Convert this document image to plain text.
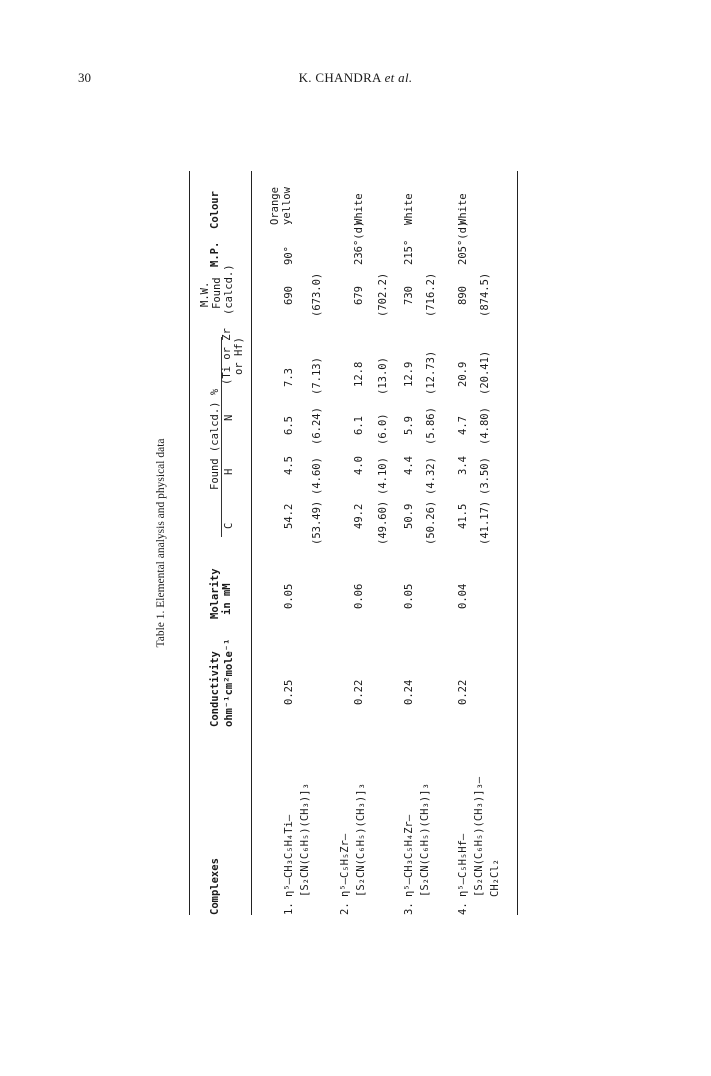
30	K. CHANDRA et al.
Table 1. Elemental analysis and physical data
Complexes
Conductivity ohm⁻¹cm²mole⁻¹
Molarity in mM
Found (calcd.) %
C
H
N
(Ti or Zr or Hf)
M.W. Found (calcd.)
M.P.
Colour
1.
η⁵–CH₃C₅H₄Ti– [S₂CN(C₆H₅)(CH₃)]₃
0.25
0.05
54.2
4.5
6.5
7.3
(53.49)
(4.60)
(6.24)
(7.13)
690 (673.0)
90°
Orange yellow
2.
η⁵–C₅H₅Zr– [S₂CN(C₆H₅)(CH₃)]₃
0.22
0.06
49.2
4.0
6.1
12.8
(49.60)
(4.10)
(6.0)
(13.0)
679 (702.2)
236°(d)
White
3.
η⁵–CH₃C₅H₄Zr– [S₂CN(C₆H₅)(CH₃)]₃
0.24
0.05
50.9
4.4
5.9
12.9
(50.26)
(4.32)
(5.86)
(12.73)
730 (716.2)
215°
White
4.
η⁵–C₅H₅Hf– [S₂CN(C₆H₅)(CH₃)]₃– CH₂Cl₂
0.22
0.04
41.5
3.4
4.7
20.9
(41.17)
(3.50)
(4.80)
(20.41)
890 (874.5)
205°(d)
White
